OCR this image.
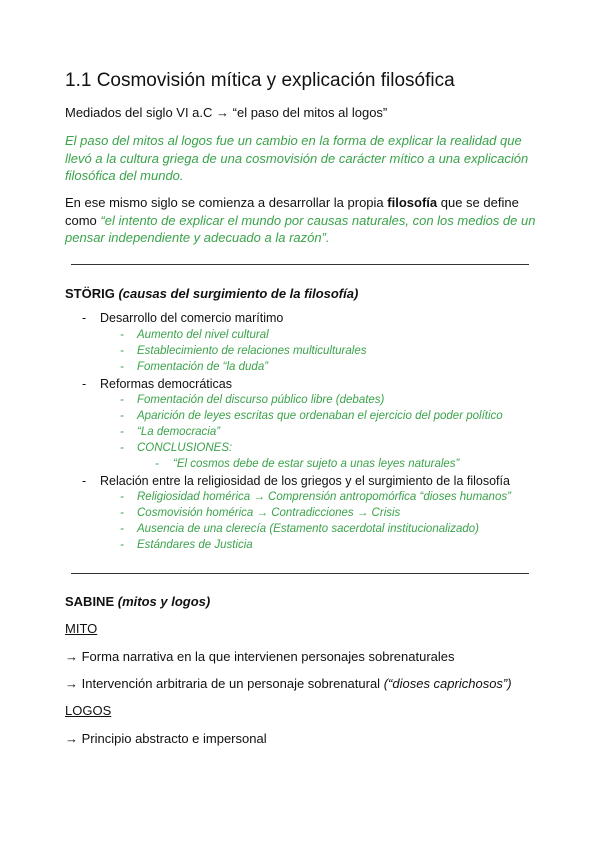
1.1 Cosmovisión mítica y explicación filosófica
Mediados del siglo VI a.C → “el paso del mitos al logos”
El paso del mitos al logos fue un cambio en la forma de explicar la realidad que llevó a la cultura griega de una cosmovisión de carácter mítico a una explicación filosófica del mundo.
En ese mismo siglo se comienza a desarrollar la propia filosofía que se define como “el intento de explicar el mundo por causas naturales, con los medios de un pensar independiente y adecuado a la razón”.
STÖRIG (causas del surgimiento de la filosofía)
- Desarrollo del comercio marítimo
- Aumento del nivel cultural
- Establecimiento de relaciones multiculturales
- Fomentación de “la duda”
- Reformas democráticas
- Fomentación del discurso público libre (debates)
- Aparición de leyes escritas que ordenaban el ejercicio del poder político
- “La democracia”
- CONCLUSIONES:
- “El cosmos debe de estar sujeto a unas leyes naturales”
- Relación entre la religiosidad de los griegos y el surgimiento de la filosofía
- Religiosidad homérica → Comprensión antropomórfica “dioses humanos”
- Cosmovisión homérica → Contradicciones → Crisis
- Ausencia de una clerecía (Estamento sacerdotal institucionalizado)
- Estándares de Justicia
SABINE (mitos y logos)
MITO
→ Forma narrativa en la que intervienen personajes sobrenaturales
→ Intervención arbitraria de un personaje sobrenatural (“dioses caprichosos”)
LOGOS
→ Principio abstracto e impersonal
